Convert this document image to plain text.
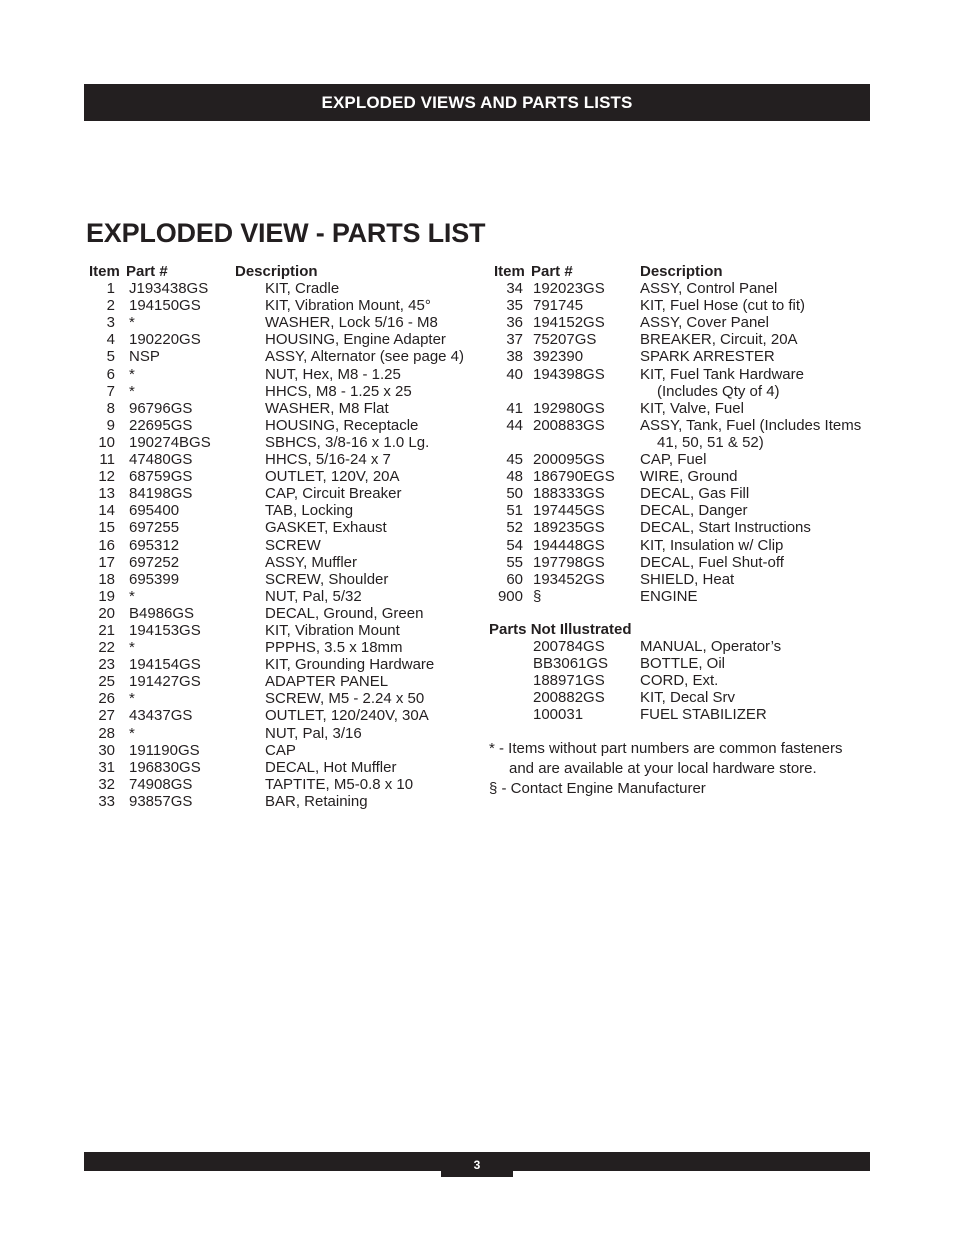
EXPLODED VIEWS AND PARTS LISTS
EXPLODED VIEW - PARTS LIST
Item Part #	Description
1 J193438GS	KIT, Cradle
2 194150GS	KIT, Vibration Mount, 45°
3 *	WASHER, Lock 5/16 - M8
4 190220GS	HOUSING, Engine Adapter
5 NSP	ASSY, Alternator (see page 4)
6 *	NUT, Hex, M8 - 1.25
7 *	HHCS, M8 - 1.25 x 25
8 96796GS	WASHER, M8 Flat
9 22695GS	HOUSING, Receptacle
10 190274BGS	SBHCS, 3/8-16 x 1.0 Lg.
11 47480GS	HHCS, 5/16-24 x 7
12 68759GS	OUTLET, 120V, 20A
13 84198GS	CAP, Circuit Breaker
14 695400	TAB, Locking
15 697255	GASKET, Exhaust
16 695312	SCREW
17 697252	ASSY, Muffler
18 695399	SCREW, Shoulder
19 *	NUT, Pal, 5/32
20 B4986GS	DECAL, Ground, Green
21 194153GS	KIT, Vibration Mount
22 *	PPPHS, 3.5 x 18mm
23 194154GS	KIT, Grounding Hardware
25 191427GS	ADAPTER PANEL
26 *	SCREW, M5 - 2.24 x 50
27 43437GS	OUTLET, 120/240V, 30A
28 *	NUT, Pal, 3/16
30 191190GS	CAP
31 196830GS	DECAL, Hot Muffler
32 74908GS	TAPTITE, M5-0.8 x 10
33 93857GS	BAR, Retaining
Item Part #	Description
34 192023GS	ASSY, Control Panel
35 791745	KIT, Fuel Hose (cut to fit)
36 194152GS	ASSY, Cover Panel
37 75207GS	BREAKER, Circuit, 20A
38 392390	SPARK ARRESTER
40 194398GS	KIT, Fuel Tank Hardware
(Includes Qty of 4)
41 192980GS	KIT, Valve, Fuel
44 200883GS	ASSY, Tank, Fuel (Includes Items
41, 50, 51 & 52)
45 200095GS	CAP, Fuel
48 186790EGS	WIRE, Ground
50 188333GS	DECAL, Gas Fill
51 197445GS	DECAL, Danger
52 189235GS	DECAL, Start Instructions
54 194448GS	KIT, Insulation w/ Clip
55 197798GS	DECAL, Fuel Shut-off
60 193452GS	SHIELD, Heat
900 §	ENGINE
Parts Not Illustrated
200784GS	MANUAL, Operator’s
BB3061GS	BOTTLE, Oil
188971GS	CORD, Ext.
200882GS	KIT, Decal Srv
100031	FUEL STABILIZER
* - Items without part numbers are common fasteners
and are available at your local hardware store.
§ - Contact Engine Manufacturer
3
